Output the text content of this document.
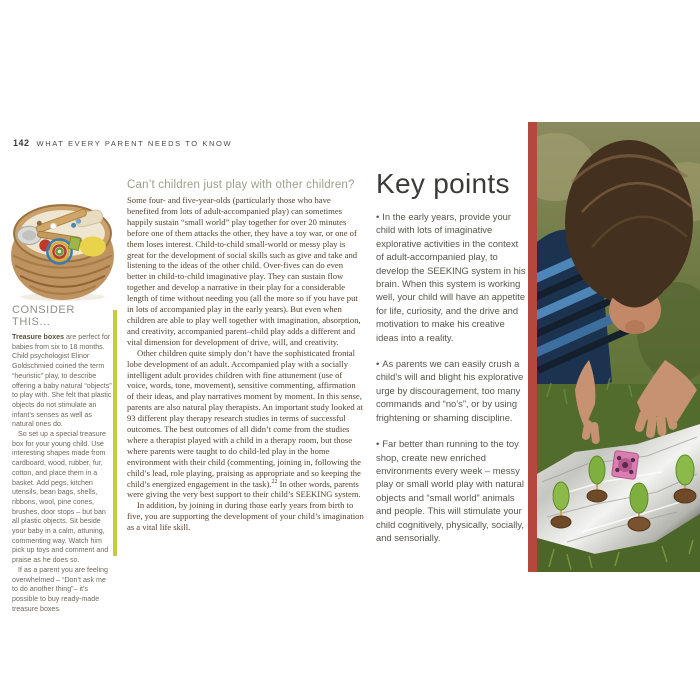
142 WHAT EVERY PARENT NEEDS TO KNOW
CONSIDER THIS...

Treasure boxes are perfect for babies from six to 18 months. Child psychologist Elinor Goldschmied coined the term “heuristic” play, to describe offering a baby natural “objects” to play with. She felt that plastic objects do not stimulate an infant’s senses as well as natural ones do.

So set up a special treasure box for your young child. Use interesting shapes made from cardboard, wood, rubber, fur, cotton, and place them in a basket. Add pegs, kitchen utensils, bean bags, shells, ribbons, wool, pine cones, brushes, door stops – but ban all plastic objects. Sit beside your baby in a calm, attuning, commenting way. Watch him pick up toys and comment and praise as he does so.

If as a parent you are feeling overwhelmed – “Don’t ask me to do another thing”– it’s possible to buy ready-made treasure boxes.

Can’t children just play with other children?

Some four- and five-year-olds (particularly those who have benefited from lots of adult-accompanied play) can sometimes happily sustain “small world” play together for over 20 minutes before one of them attacks the other, they have a toy war, or one of them loses interest. Child-to-child small-world or messy play is great for the development of social skills such as give and take and listening to the ideas of the other child. Over-fives can do even better in child-to-child imaginative play. They can sustain flow together and develop a narrative in their play for a considerable length of time without needing you (all the more so if you have put in lots of accompanied play in the early years). But even when children are able to play well together with imagination, absorption, and creativity, accompanied parent–child play adds a different and vital dimension for development of drive, will, and creativity.

Other children quite simply don’t have the sophisticated frontal lobe development of an adult. Accompanied play with a socially intelligent adult provides children with fine attunement (use of voice, words, tone, movement), sensitive commenting, affirmation of their ideas, and play narratives moment by moment. In this sense, parents are also natural play therapists. An important study looked at 93 different play therapy research studies in terms of successful outcomes. The best outcomes of all didn’t come from the studies where a therapist played with a child in a therapy room, but those where parents were taught to do child-led play in the home environment with their child (commenting, joining in, following the child’s lead, role playing, praising as appropriate and so keeping the child’s energized engagement in the task).$^{22}$ In other words, parents were giving the very best support to their child’s SEEKING system.

In addition, by joining in during those early years from birth to five, you are supporting the development of your child’s imagination as a vital life skill.

Key points

• In the early years, provide your child with lots of imaginative explorative activities in the context of adult-accompanied play, to develop the SEEKING system in his brain. When this system is working well, your child will have an appetite for life, curiosity, and the drive and motivation to make his creative ideas into a reality.

• As parents we can easily crush a child’s will and blight his explorative urge by discouragement, too many commands and “no’s”, or by using frightening or shaming discipline.

• Far better than running to the toy shop, create new enriched environments every week – messy play or small world play with natural objects and “small world” animals and people. This will stimulate your child cognitively, physically, socially, and sensorially.
